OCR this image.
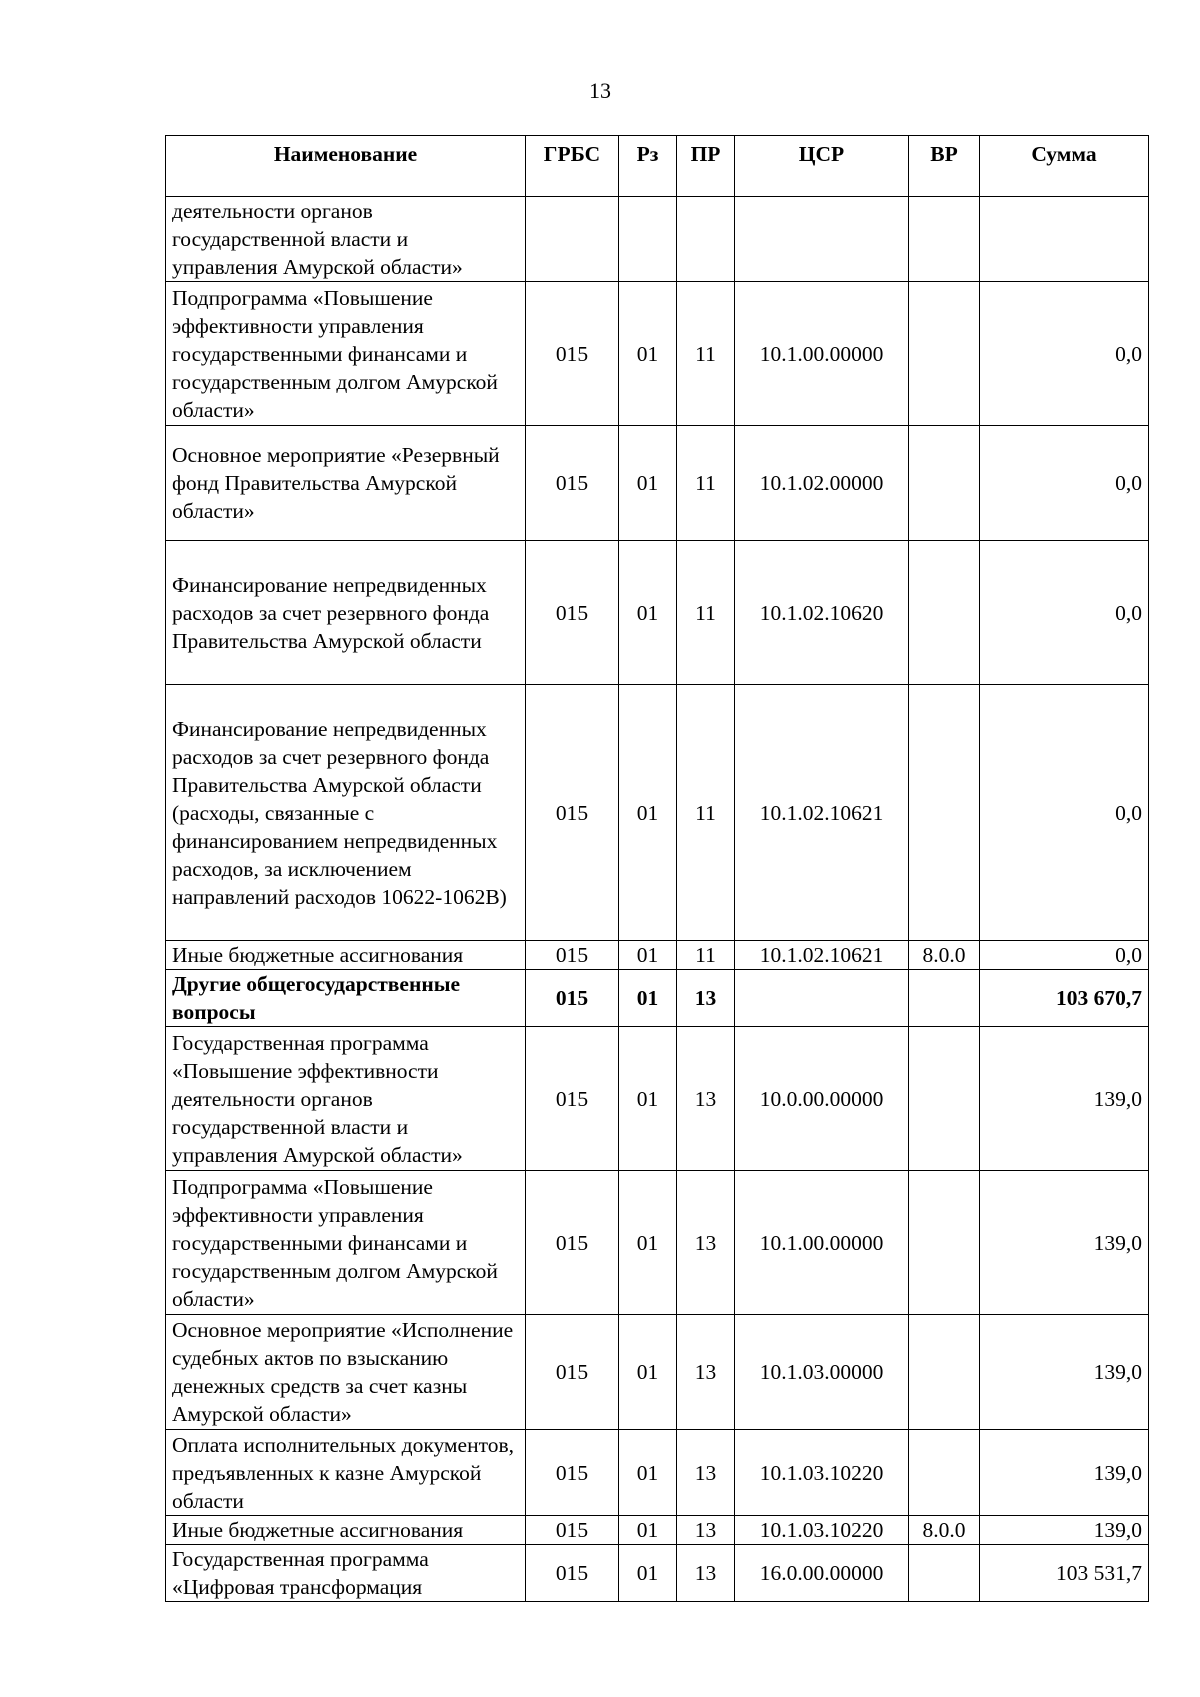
13
Наименование	ГРБС	Рз	ПР	ЦСР	ВР	Сумма
деятельности органов государственной власти и управления Амурской области»						
Подпрограмма «Повышение эффективности управления государственными финансами и государственным долгом Амурской области»	015	01	11	10.1.00.00000		0,0
Основное мероприятие «Резервный фонд Правительства Амурской области»	015	01	11	10.1.02.00000		0,0
Финансирование непредвиденных расходов за счет резервного фонда Правительства Амурской области	015	01	11	10.1.02.10620		0,0
Финансирование непредвиденных расходов за счет резервного фонда Правительства Амурской области (расходы, связанные с финансированием непредвиденных расходов, за исключением направлений расходов 10622-1062В)	015	01	11	10.1.02.10621		0,0
Иные бюджетные ассигнования	015	01	11	10.1.02.10621	8.0.0	0,0
Другие общегосударственные вопросы	015	01	13			103 670,7
Государственная программа «Повышение эффективности деятельности органов государственной власти и управления Амурской области»	015	01	13	10.0.00.00000		139,0
Подпрограмма «Повышение эффективности управления государственными финансами и государственным долгом Амурской области»	015	01	13	10.1.00.00000		139,0
Основное мероприятие «Исполнение судебных актов по взысканию денежных средств за счет казны Амурской области»	015	01	13	10.1.03.00000		139,0
Оплата исполнительных документов, предъявленных к казне Амурской области	015	01	13	10.1.03.10220		139,0
Иные бюджетные ассигнования	015	01	13	10.1.03.10220	8.0.0	139,0
Государственная программа «Цифровая трансформация	015	01	13	16.0.00.00000		103 531,7
